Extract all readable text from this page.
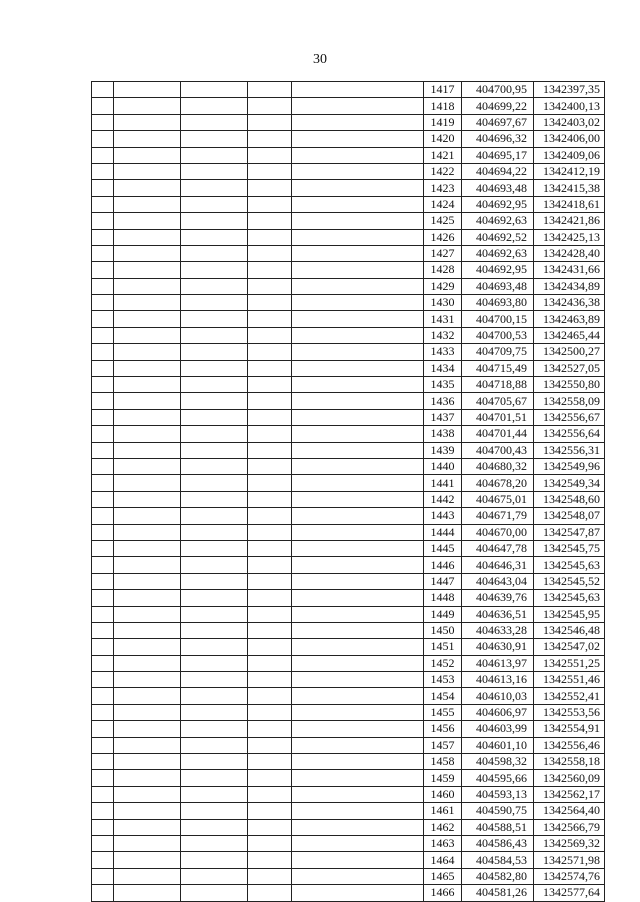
30
					1417	404700,95	1342397,35
					1418	404699,22	1342400,13
					1419	404697,67	1342403,02
					1420	404696,32	1342406,00
					1421	404695,17	1342409,06
					1422	404694,22	1342412,19
					1423	404693,48	1342415,38
					1424	404692,95	1342418,61
					1425	404692,63	1342421,86
					1426	404692,52	1342425,13
					1427	404692,63	1342428,40
					1428	404692,95	1342431,66
					1429	404693,48	1342434,89
					1430	404693,80	1342436,38
					1431	404700,15	1342463,89
					1432	404700,53	1342465,44
					1433	404709,75	1342500,27
					1434	404715,49	1342527,05
					1435	404718,88	1342550,80
					1436	404705,67	1342558,09
					1437	404701,51	1342556,67
					1438	404701,44	1342556,64
					1439	404700,43	1342556,31
					1440	404680,32	1342549,96
					1441	404678,20	1342549,34
					1442	404675,01	1342548,60
					1443	404671,79	1342548,07
					1444	404670,00	1342547,87
					1445	404647,78	1342545,75
					1446	404646,31	1342545,63
					1447	404643,04	1342545,52
					1448	404639,76	1342545,63
					1449	404636,51	1342545,95
					1450	404633,28	1342546,48
					1451	404630,91	1342547,02
					1452	404613,97	1342551,25
					1453	404613,16	1342551,46
					1454	404610,03	1342552,41
					1455	404606,97	1342553,56
					1456	404603,99	1342554,91
					1457	404601,10	1342556,46
					1458	404598,32	1342558,18
					1459	404595,66	1342560,09
					1460	404593,13	1342562,17
					1461	404590,75	1342564,40
					1462	404588,51	1342566,79
					1463	404586,43	1342569,32
					1464	404584,53	1342571,98
					1465	404582,80	1342574,76
					1466	404581,26	1342577,64
